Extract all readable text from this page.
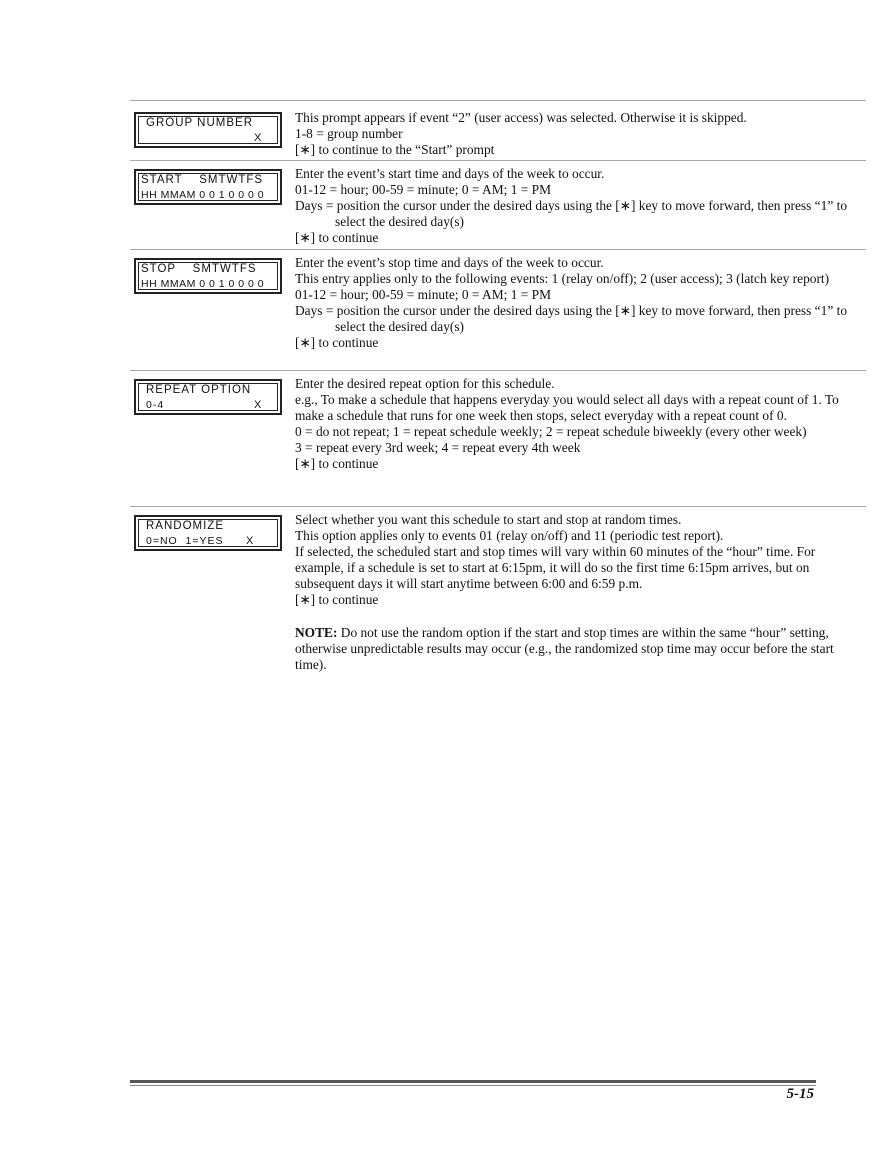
GROUP NUMBER
X

This prompt appears if event “2” (user access) was selected. Otherwise it is skipped.

1-8 = group number

[∗] to continue to the “Start” prompt

START    SMTWTFS
HH MMAM 0 0 1 0 0 0 0

Enter the event’s start time and days of the week to occur.

01-12 = hour; 00-59 = minute; 0 = AM; 1 = PM

Days = position the cursor under the desired days using the [∗] key to move forward, then press “1” to select the desired day(s)

[∗] to continue

STOP    SMTWTFS
HH MMAM 0 0 1 0 0 0 0

Enter the event’s stop time and days of the week to occur.

This entry applies only to the following events: 1 (relay on/off); 2 (user access); 3 (latch key report)

01-12 = hour; 00-59 = minute; 0 = AM; 1 = PM

Days = position the cursor under the desired days using the [∗] key to move forward, then press “1” to select the desired day(s)

[∗] to continue

REPEAT OPTION
0-4	X

Enter the desired repeat option for this schedule.

e.g., To make a schedule that happens everyday you would select all days with a repeat count of 1. To make a schedule that runs for one week then stops, select everyday with a repeat count of 0.

0 = do not repeat; 1 = repeat schedule weekly; 2 = repeat schedule biweekly (every other week)

3 = repeat every 3rd week; 4 = repeat every 4th week

[∗] to continue

RANDOMIZE
0=NO  1=YES X

Select whether you want this schedule to start and stop at random times.

This option applies only to events 01 (relay on/off) and 11 (periodic test report).

If selected, the scheduled start and stop times will vary within 60 minutes of the “hour” time. For example, if a schedule is set to start at 6:15pm, it will do so the first time 6:15pm arrives, but on subsequent days it will start anytime between 6:00 and 6:59 p.m.

[∗] to continue

NOTE: Do not use the random option if the start and stop times are within the same “hour” setting, otherwise unpredictable results may occur (e.g., the randomized stop time may occur before the start time).

5-15
